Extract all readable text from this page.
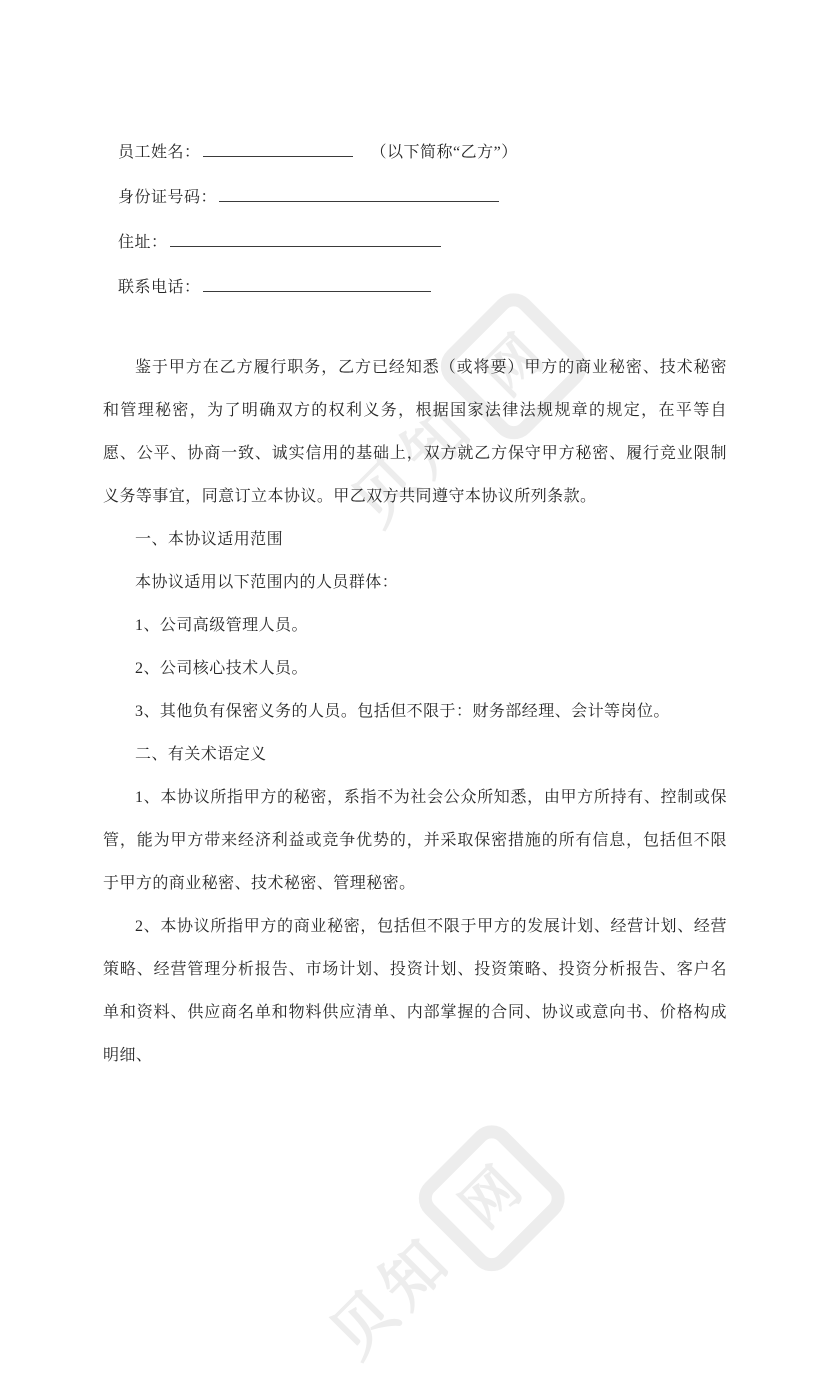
贝知
网
贝知
网
员工姓名：	（以下简称“乙方”）
身份证号码：
住址：
联系电话：

鉴于甲方在乙方履行职务，乙方已经知悉（或将要）甲方的商业秘密、技术秘密和管理秘密，为了明确双方的权利义务，根据国家法律法规规章的规定，在平等自愿、公平、协商一致、诚实信用的基础上，双方就乙方保守甲方秘密、履行竞业限制义务等事宜，同意订立本协议。甲乙双方共同遵守本协议所列条款。

一、本协议适用范围

本协议适用以下范围内的人员群体：

1、公司高级管理人员。

2、公司核心技术人员。

3、其他负有保密义务的人员。包括但不限于：财务部经理、会计等岗位。

二、有关术语定义

1、本协议所指甲方的秘密，系指不为社会公众所知悉，由甲方所持有、控制或保管，能为甲方带来经济利益或竞争优势的，并采取保密措施的所有信息，包括但不限于甲方的商业秘密、技术秘密、管理秘密。

2、本协议所指甲方的商业秘密，包括但不限于甲方的发展计划、经营计划、经营策略、经营管理分析报告、市场计划、投资计划、投资策略、投资分析报告、客户名单和资料、供应商名单和物料供应清单、内部掌握的合同、协议或意向书、价格构成明细、
